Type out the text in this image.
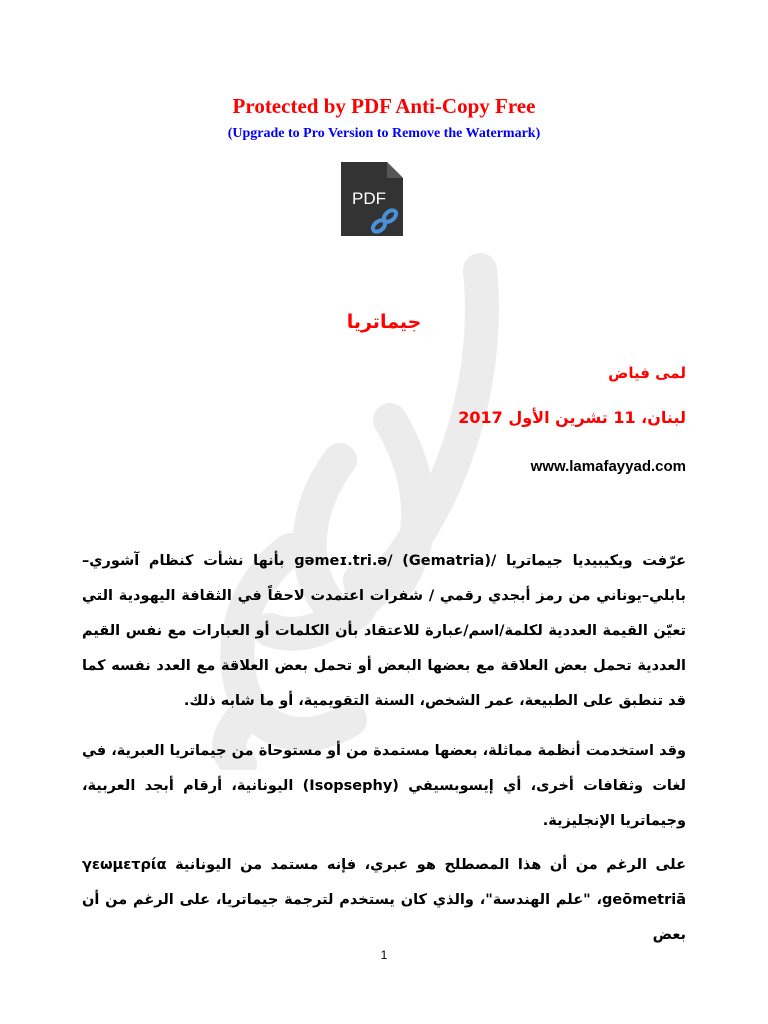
Protected by PDF Anti-Copy Free

(Upgrade to Pro Version to Remove the Watermark)

PDF
جيماتريا

لمى فياض

لبنان، 11 تشرين الأول 2017

www.lamafayyad.com

عرّفت ويكيبيديا جيماتريا /ɡəmeɪ.tri.ə/ (Gematria) بأنها نشأت كنظام آشوري–بابلي–يوناني من رمز أبجدي رقمي / شفرات اعتمدت لاحقاً في الثقافة اليهودية التي تعيّن القيمة العددية لكلمة/اسم/عبارة للاعتقاد بأن الكلمات أو العبارات مع نفس القيم العددية تحمل بعض العلاقة مع بعضها البعض أو تحمل بعض العلاقة مع العدد نفسه كما قد تنطبق على الطبيعة، عمر الشخص، السنة التقويمية، أو ما شابه ذلك.

وقد استخدمت أنظمة مماثلة، بعضها مستمدة من أو مستوحاة من جيماتريا العبرية، في لغات وثقافات أخرى، أي إيسوبسيفي (Isopsephy) اليونانية، أرقام أبجد العربية، وجيماتريا الإنجليزية.

على الرغم من أن هذا المصطلح هو عبري، فإنه مستمد من اليونانية γεωμετρία geōmetriā، "علم الهندسة"، والذي كان يستخدم لترجمة جيماتريا، على الرغم من أن بعض

1
